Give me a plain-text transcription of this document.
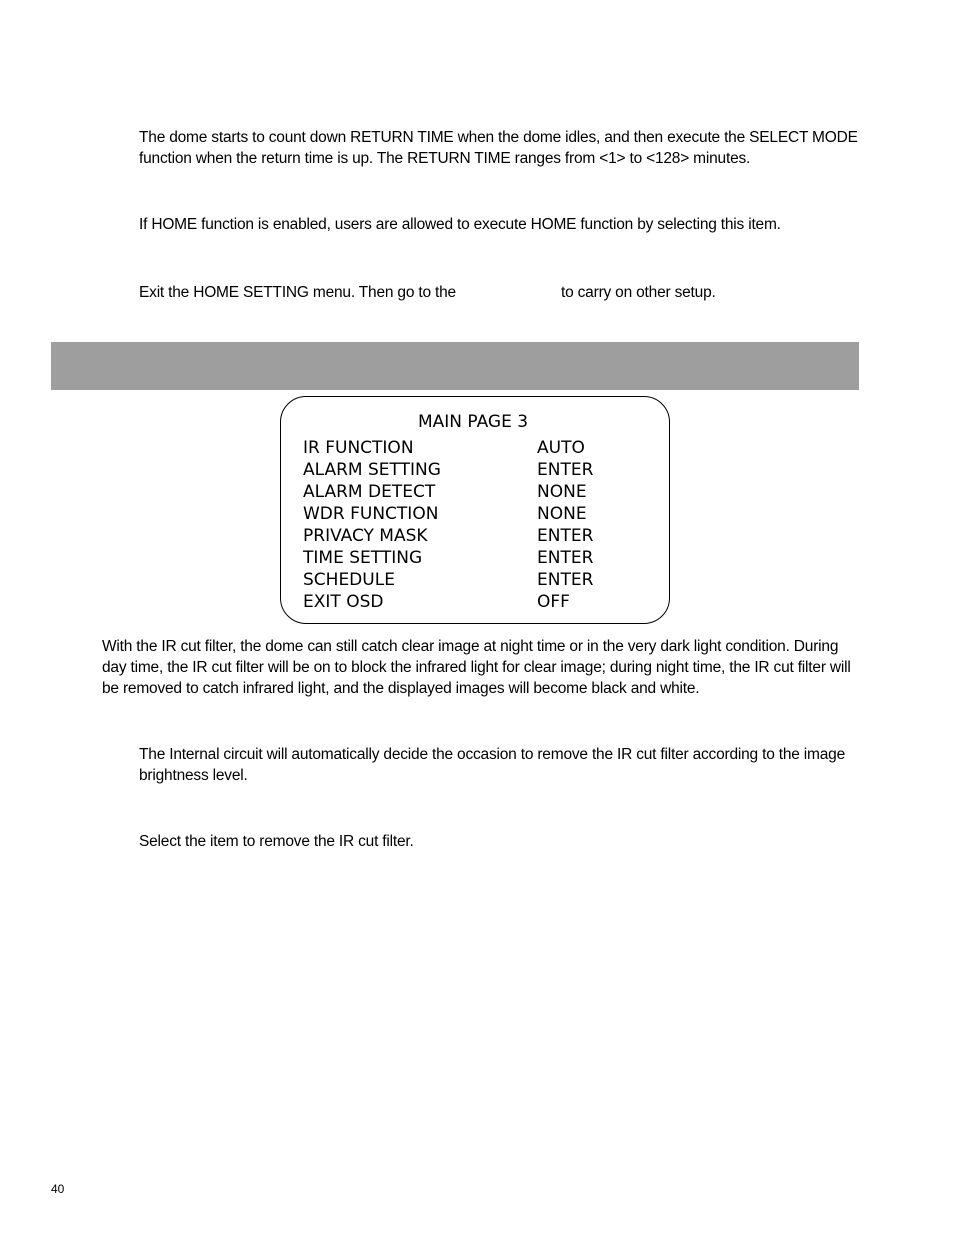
The dome starts to count down RETURN TIME when the dome idles, and then execute the SELECT MODE function when the return time is up. The RETURN TIME ranges from <1> to <128> minutes.

If HOME function is enabled, users are allowed to execute HOME function by selecting this item.

Exit the HOME SETTING menu. Then go to the	to carry on other setup.

MAIN PAGE 3
IR FUNCTION	AUTO
ALARM SETTING	ENTER
ALARM DETECT	NONE
WDR FUNCTION	NONE
PRIVACY MASK	ENTER
TIME SETTING	ENTER
SCHEDULE	ENTER
EXIT OSD	OFF

With the IR cut filter, the dome can still catch clear image at night time or in the very dark light condition. During day time, the IR cut filter will be on to block the infrared light for clear image; during night time, the IR cut filter will be removed to catch infrared light, and the displayed images will become black and white.

The Internal circuit will automatically decide the occasion to remove the IR cut filter according to the image brightness level.

Select the item to remove the IR cut filter.

40
